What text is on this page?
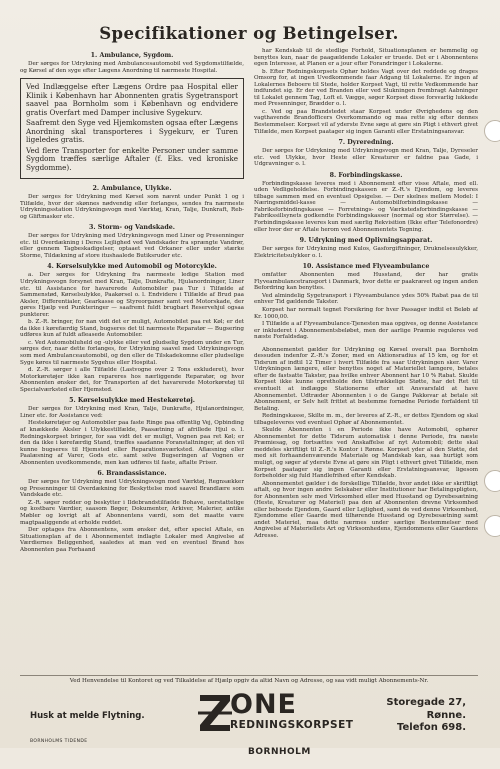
Specifikationer og Betingelser.
1. Ambulance, Sygdom.

Der sørges for Udrykning med Ambulancesautomobil ved Sygdomstilfælde, og Kørsel af den syge efter Lægens Anordning til nærmeste Hospital.

Ved Indlæggelse efter Lægens Ordre paa Hospital eller Klinik i København har Abonnenten gratis Sygetransport saavel paa Bornholm som i København og endvidere gratis Overfart med Damper inclusive Sygekurv.

Saafremt den Syge ved Hjemkomsten ogsaa efter Lægens Anordning skal transporteres i Sygekurv, er Turen ligeledes gratis.

Ved flere Transporter for enkelte Personer under samme Sygdom træffes særlige Aftaler (f. Eks. ved kroniske Sygdomme).

2. Ambulance, Ulykke.

Der sørges for Udrykning med Kørsel som nævnt under Punkt 1 og i Tilfælde, hvor der skønnes nødvendig eller forlanges, sendes fra nærmeste Udrykningsstation Udrykningsvogn med Værktøj, Kran, Talje, Dunkraft, Reb- og Gliftmasker etc.

3. Storm- og Vandskade.

Der sørges for Udrykning med Udrykningsvogn med Liner og Presenninger etc. til Overdækning i Deres Lejlighed ved Vandskader fra sprængte Vandrør, eller gennem Tagbeskadigelser, optaaet ved Orkaner eller under stærke Storme, Tildækning af store itushaalede Butiksruder etc.

4. Kørselsulykke med Automobil og Motorcykle.

a. Der sørges for Udrykning fra nærmeste ledige Station med Udrykningsvogn forsynet med Kran, Talje, Dunkrafte, Hjulanordninger, Liner etc. til Assistance for havarerede Automobiler paa Tur i Tilfælde af Sammenstød, Kørselsulykke, Paakørsel o. l. Endvidere i Tilfælde af Brud paa Aksler, Differentialer, Gearkasse og Styreorganer samt ved Motorskade, der gøres Hjælp ved Punkteringer — saafremt fuldt brugbart Reservehjul ogsaa punkterer.

b. Z.-R. bringer, for nan vidt det er muligt, Automobilet paa ret Køl; er det da ikke i kørefærdig Stand, bugseres det til nærmeste Reparatør — Bugsering udføres kun af fuldt afleasede Automobiler.

c. Ved Automobiluheld og -ulykke eller ved pludselig Sygdom under en Tur, sørges der, naar dette forlanges, for Udrykning saavel med Udrykningsvogn som med Ambulanceautomobil, og den eller de Tilskadekomne eller pludselige Syge køres til nærmeste Sygehus eller Hospital.

d. Z.-R. sørger i alle Tilfælde (Lastvogne over 2 Tons exkluderet), hvor Motorkøretøjer ikke kan repareres hos nærliggende Reparatør, og hvor Abonnenten ønsker det, for Transporten af det havarerede Motorkøretøj til Specialværksted eller Hjemsted.

5. Kørselsulykke med Hestekøretøj.

Der sørges for Udrykning med Kran, Talje, Dunkrafte, Hjulanordninger, Liner etc. for Assistance ved:

Hestekøretøjer og Automobiler paa faste Ringe paa offentlig Vej, Opbinding af knækkede Aksler i Ulykkestilfælde, Paasætning af afrillede Hjul o. l. Redningskorpset bringer, for saa vidt det er muligt, Vognen paa ret Køl; er den da ikke i kørefærdig Stand, træffes saadanne Foranstaltninger, at den vil kunne bugseres til Hjemsted eller Reparationsværksted. Aflæsning eller Paalæsning af Varer, Gods etc. samt selve Bugseringen af Vognen er Abonnenten uvedkommende, men kan udføres til faste, aftalte Priser.

6. Brandassistance.

Der sørges for Udrykning med Udrykningsvogn med Værktøj, Regnsækker og Presenninger til Overdækning for Beskyttelse mod saavel Brandlære som Vandskade etc.

Z.-R. søger redder og beskytter i Ildebrandstilfælde Bohave, uerstattelige og kostbare Værdier, saasom Bøger, Dokumenter, Arkiver, Malerier, antike Møbler og lovrigt alt af Abonnentens værdi, som det maatte være magtpaaliggende at erholde reddet.

Der optages fra Abonnentens, som ønsker det, efter speciel Aftale, en Situationsplan af de i Abonnementet indlagte Lokaler med Angivelse af Værdiernes Beliggenhed, saaledes at man ved en eventuel Brand hos Abonnenten paa Forhaand

har Kendskab til de stedlige Forhold, Situationsplanen er hemmelig og benyttes kun, naar de paagældende Lokaler er truede. Det er i Abonnentens egen Interesse, at Planen er a jour efter Forandringer i Lokalerne.

b. Efter Redningskorpsets Ophør holdes Vagt over det reddede og drages Omsorg for, at ingen Uvedkommende faar Adgang til Lokalerne. Er ingen af Lokalernes Beboere til Stede, holder Korpset Vagt, til rette Vedkommende har indfundet sig. Er der ved Branden eller ved Slukningen frembragt Aabninger til Lokalet gennem Tag, Loft el. Vægge, søger Korpset disse forsvarlig lukkede med Presenninger, Brædder o. l.

c. Ved og paa Brandstedet staar Korpset under Øvrighedens og den vagthavende Brandofficers Overkommando og maa rette sig efter dennes Bestemmelser. Korpset vil af yderste Evne søge at gøre sin Pligt i ethvert givet Tilfælde, men Korpset paatager sig ingen Garanti eller Erstatningsansvar.

7. Dyreredning.

Der sørges for Udrykning med Udrykningsvogn med Kran, Talje, Dyreseler etc. ved Ulykke, hvor Heste eller Kreaturer er faldne paa Gade, i Udgravninger o. l.

8. Forbindingskasse.

Forbindingskasse leveres med i Abonnement efter visse Aftale, med ell. uden Vedligeholdelse. Forbindingskassen er Z.-R.'s Ejendom, og leveres tilbage sammen med en eventuel Opsigelse. — Der skelnes mellem Model: I Næringsmiddel-kasse — Automobilforbindingskasse — Fabriksforbindingskasse — Forretnings- og Værkstedsforbindingskasse — Fabrikssillsynets godkendte Forbindingskasser (normal og stor Størrelse). — Forbindingskasse leveres kun med særlig Rekvisition (Ikke efter Telefonordre) eller hvor der er Aftale herom ved Abonnementets Tegning.

9. Udrykning med Oplivningsapparat.

Der sørges for Udrykning med Kulos, Gasforgiftninger, Druknelsesulykker, Elektricitetsulykker o. l.

10. Assistance med Flyveambulance

omfatter Abonnenten med Husstand, der har gratis Flyveambulancetransport i Danmark, hvor dette er paakrævet og ingen anden Befordring kan benyttes.

Ved almindelig Sygetransport i Flyveambulance ydes 50% Rabat paa de til enhver Tid gældende Takster.

Korpset har normalt tegnet Forsikring for hver Passager indtil et Beløb af Kr. 1000,00.

I Tilfælde a af Flyveambulance-Tjenesten maa opgives, og denne Assistance er inkluderet i Abonnementsbeløbet, men der aarlige Præmie reguleres ved næste Forfaldsdag.

Abonnementet gælder for Udrykning og Kørsel overalt paa Bornholm dessuden indenfor Z.-R.'s Zoner, med en Aktionsradius af 15 km, og for et Tidsrum af indtil 12 Timer i hvert Tilfælde fra saar Udrykningen sker. Varer Udrykningen længere, eller benyttes noget af Materiellet længere, betales efter de fastsatte Takster, paa hvilke enhver Abonnent har 10 % Rabat. Skulde Korpset ikke kunne opretholde den tilstrækkelige Støtte, har det Ret til eventuelt at indlægge Stationerne efter sit Ansvarsfald at have Abonnementet. Udtræder Abonnenten i o de Gange Pakkevar at betale sit Abonnement, er Selv helt frittet at bestemme fornødne Periode forfaldent til Betaling.

Redningskasse, Skilte m. m., der leveres af Z.-R., er dettes Ejendom og skal tilbageleveres ved eventuel Ophør af Abonnementet.

Skulde Abonnenten i en Periode ikke have Automobil, ophører Abonnementet for dette Tidsrum automatisk i denne Periode, fra næste Præmiesag, og fortsættes ved Anskaffelse af nyt Automobil; dette skal meddeles skriftligt til Z.-R.'s Kontor i Rønne. Korpset yder al den Støtte, det med sit forhaandenværende Materiale og Mandskab kan, saa hurtigt som muligt, og søger af yderste Evne at gøre sin Pligt i ethvert givet Tilfælde, men Korpset paatager sig ingen Garanti eller Erstatningsansvar, ligesom forbeholder sig fuld Handlefrihed efter Kendskab.

Abonnementet gælder i de forskellige Tilfælde, hvor andet ikke er skriftligt aftalt, og hvor ingen andre Selskaber eller Institutioner har Betalingspligten, for Abonnenten selv med Virksomhed eller med Husstand og Dyrebesætning (Heste, Kreaturer og Materiel) paa den af Abonnenten drevne Virksomhed eller beboede Ejendom, Gaard eller Lejlighed, samt de ved denne Virksomhed, Ejendomme eller Gaarde med tilhørende Husstand og Dyrebesætning samt andet Materiel, maa dette nærmes under særlige Bestemmelser med Angivelse af Materiellets Art og Virksomhedens, Ejendommens eller Gaardens Adresse.

Ved Henvendelse til Kontoret og ved Tilkaldelse af Hjælp opgiv da altid Navn og Adresse, og saa vidt muligt Abonnements-Nr.
Husk at melde Flytning.	ONE
REDNINGSKORPSET
BORNHOLM
Storegade 27,
Rønne.
Telefon 698.
BORNHOLMS TIDENDE
